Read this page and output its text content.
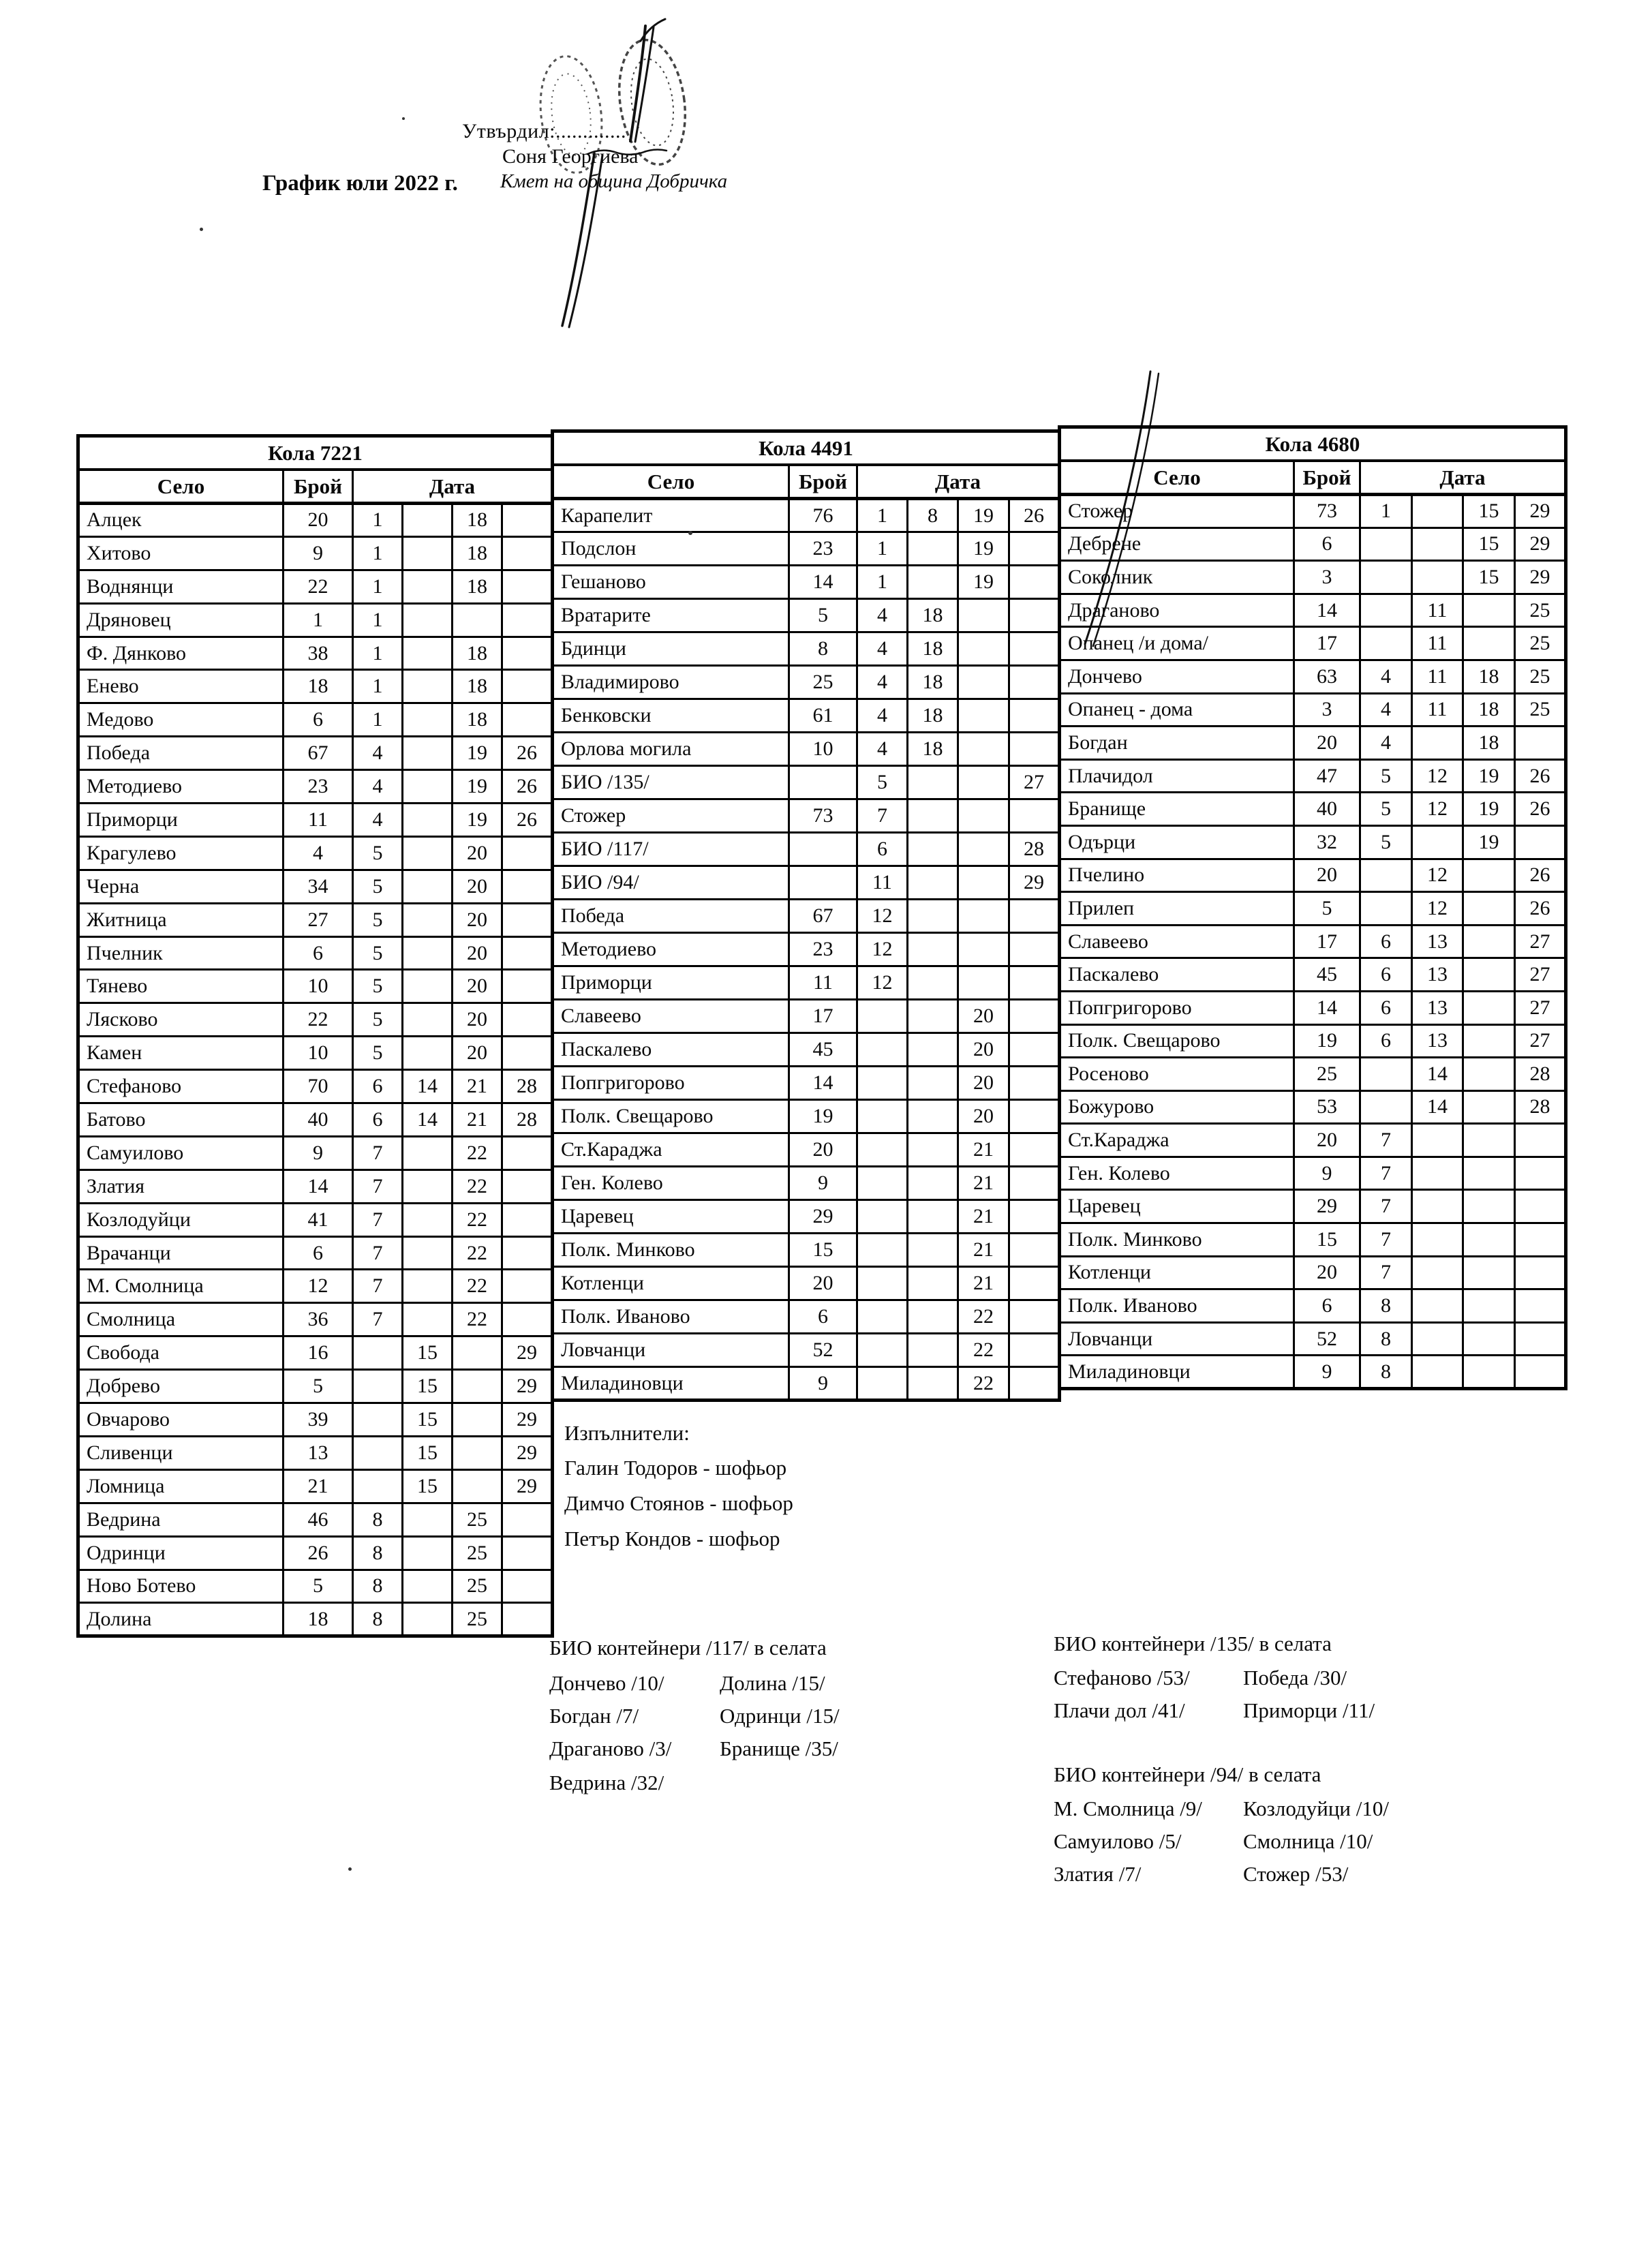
Утвърдил:.............
Соня Георгиева
Кмет на община Добричка
График юли 2022 г.
Кола 7221					
Село	Брой	Дата			
Алцек	20	1		18	
Хитово	9	1		18	
Воднянци	22	1		18	
Дряновец	1	1			
Ф. Дянково	38	1		18	
Енево	18	1		18	
Медово	6	1		18	
Победа	67	4		19	26
Методиево	23	4		19	26
Приморци	11	4		19	26
Крагулево	4	5		20	
Черна	34	5		20	
Житница	27	5		20	
Пчелник	6	5		20	
Тянево	10	5		20	
Лясково	22	5		20	
Камен	10	5		20	
Стефаново	70	6	14	21	28
Батово	40	6	14	21	28
Самуилово	9	7		22	
Златия	14	7		22	
Козлодуйци	41	7		22	
Врачанци	6	7		22	
М. Смолница	12	7		22	
Смолница	36	7		22	
Свобода	16		15		29
Добрево	5		15		29
Овчарово	39		15		29
Сливенци	13		15		29
Ломница	21		15		29
Ведрина	46	8		25	
Одринци	26	8		25	
Ново Ботево	5	8		25	
Долина	18	8		25	
Кола 4491					
Село	Брой	Дата			
Карапелит	76	1	8	19	26
Подслон	23	1		19	
Гешаново	14	1		19	
Вратарите	5	4	18		
Бдинци	8	4	18		
Владимирово	25	4	18		
Бенковски	61	4	18		
Орлова могила	10	4	18		
БИО /135/		5			27
Стожер	73	7			
БИО /117/		6			28
БИО /94/		11			29
Победа	67	12			
Методиево	23	12			
Приморци	11	12			
Славеево	17			20	
Паскалево	45			20	
Попгригорово	14			20	
Полк. Свещарово	19			20	
Ст.Караджа	20			21	
Ген. Колево	9			21	
Царевец	29			21	
Полк. Минково	15			21	
Котленци	20			21	
Полк. Иваново	6			22	
Ловчанци	52			22	
Миладиновци	9			22	
Кола 4680					
Село	Брой	Дата			
Стожер	73	1		15	29
Дебрене	6			15	29
Соколник	3			15	29
Драганово	14		11		25
Опанец /и дома/	17		11		25
Дончево	63	4	11	18	25
Опанец - дома	3	4	11	18	25
Богдан	20	4		18	
Плачидол	47	5	12	19	26
Бранище	40	5	12	19	26
Одърци	32	5		19	
Пчелино	20		12		26
Прилеп	5		12		26
Славеево	17	6	13		27
Паскалево	45	6	13		27
Попгригорово	14	6	13		27
Полк. Свещарово	19	6	13		27
Росеново	25		14		28
Божурово	53		14		28
Ст.Караджа	20	7			
Ген. Колево	9	7			
Царевец	29	7			
Полк. Минково	15	7			
Котленци	20	7			
Полк. Иваново	6	8			
Ловчанци	52	8			
Миладиновци	9	8			
Изпълнители:
Галин Тодоров - шофьор
Димчо Стоянов - шофьор
Петър Кондов - шофьор
БИО контейнери /117/ в селата
Дончево /10/
Богдан /7/
Драганово /3/
Ведрина /32/
Долина /15/
Одринци /15/
Бранище /35/
БИО контейнери /135/ в селата
Стефаново /53/
Плачи дол /41/
Победа /30/
Приморци /11/
БИО контейнери /94/ в селата
М. Смолница /9/
Самуилово /5/
Златия /7/
Козлодуйци /10/
Смолница /10/
Стожер /53/
